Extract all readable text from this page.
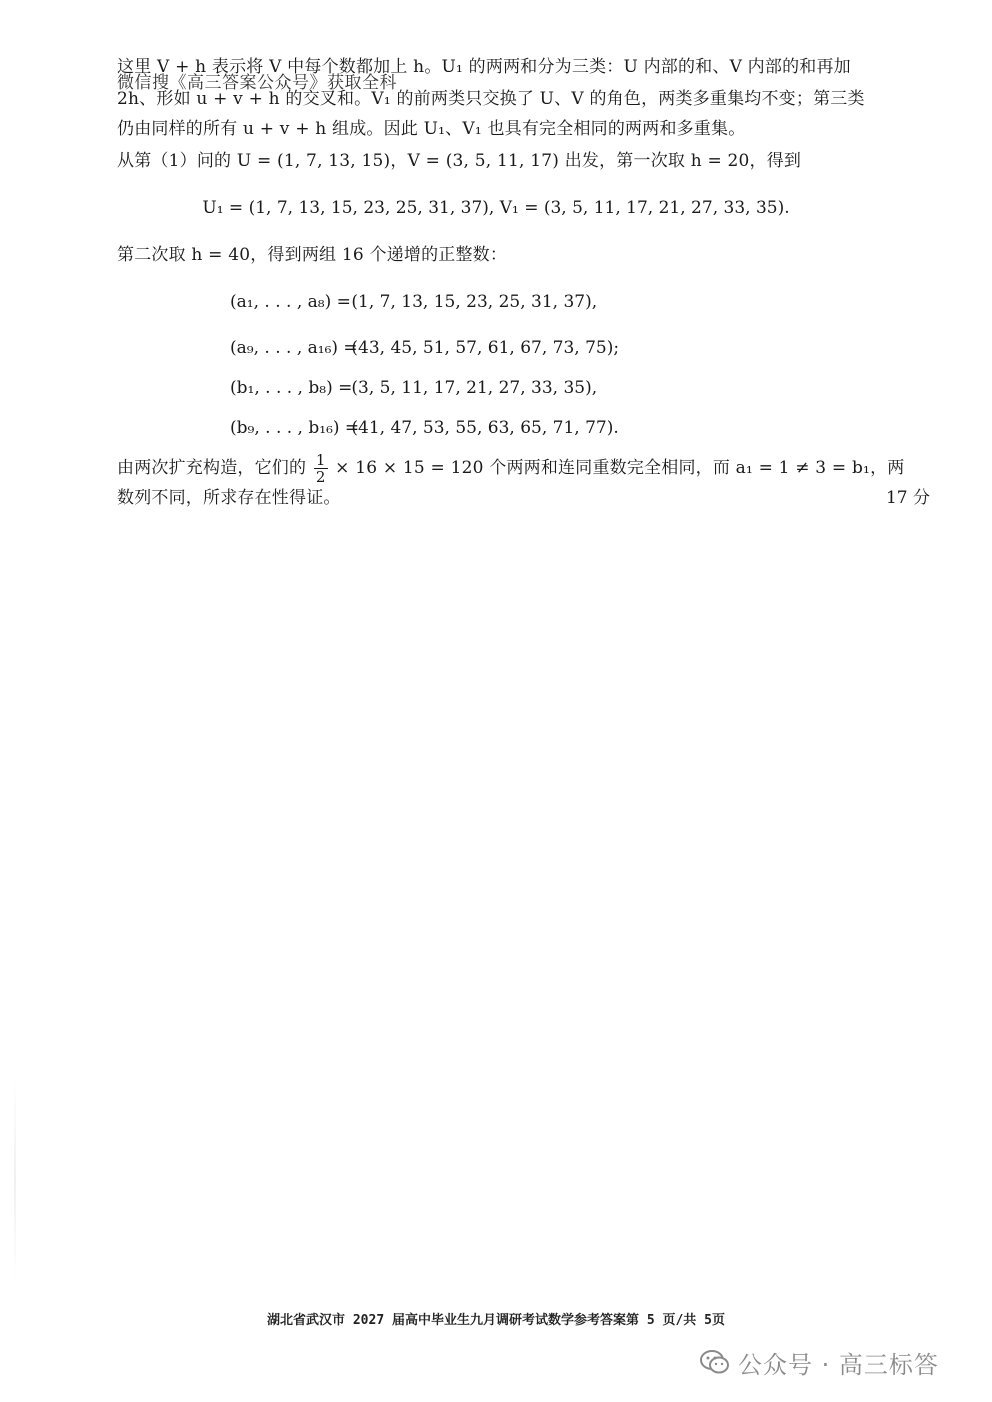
这里 V + h 表示将 V 中每个数都加上 h。U₁ 的两两和分为三类：U 内部的和、V 内部的和再加
微信搜《高三答案公众号》获取全科
2h、形如 u + v + h 的交叉和。V₁ 的前两类只交换了 U、V 的角色，两类多重集均不变；第三类
仍由同样的所有 u + v + h 组成。因此 U₁、V₁ 也具有完全相同的两两和多重集。
从第（1）问的 U = (1, 7, 13, 15)，V = (3, 5, 11, 17) 出发，第一次取 h = 20，得到
U₁ = (1, 7, 13, 15, 23, 25, 31, 37), V₁ = (3, 5, 11, 17, 21, 27, 33, 35).
第二次取 h = 40，得到两组 16 个递增的正整数：
(a₁, . . . , a₈) = (1, 7, 13, 15, 23, 25, 31, 37),
(a₉, . . . , a₁₆) = (43, 45, 51, 57, 61, 67, 73, 75);
(b₁, . . . , b₈) = (3, 5, 11, 17, 21, 27, 33, 35),
(b₉, . . . , b₁₆) = (41, 47, 53, 55, 63, 65, 71, 77).
由两次扩充构造，它们的 $\frac{1}{2} \times 16 \times 15 = 120$ 个两两和连同重数完全相同，而 a₁ = 1 ≠ 3 = b₁，两
数列不同，所求存在性得证。	17 分
湖北省武汉市 2027 届高中毕业生九月调研考试数学参考答案第 5 页/共 5页
公众号 · 高三标答
